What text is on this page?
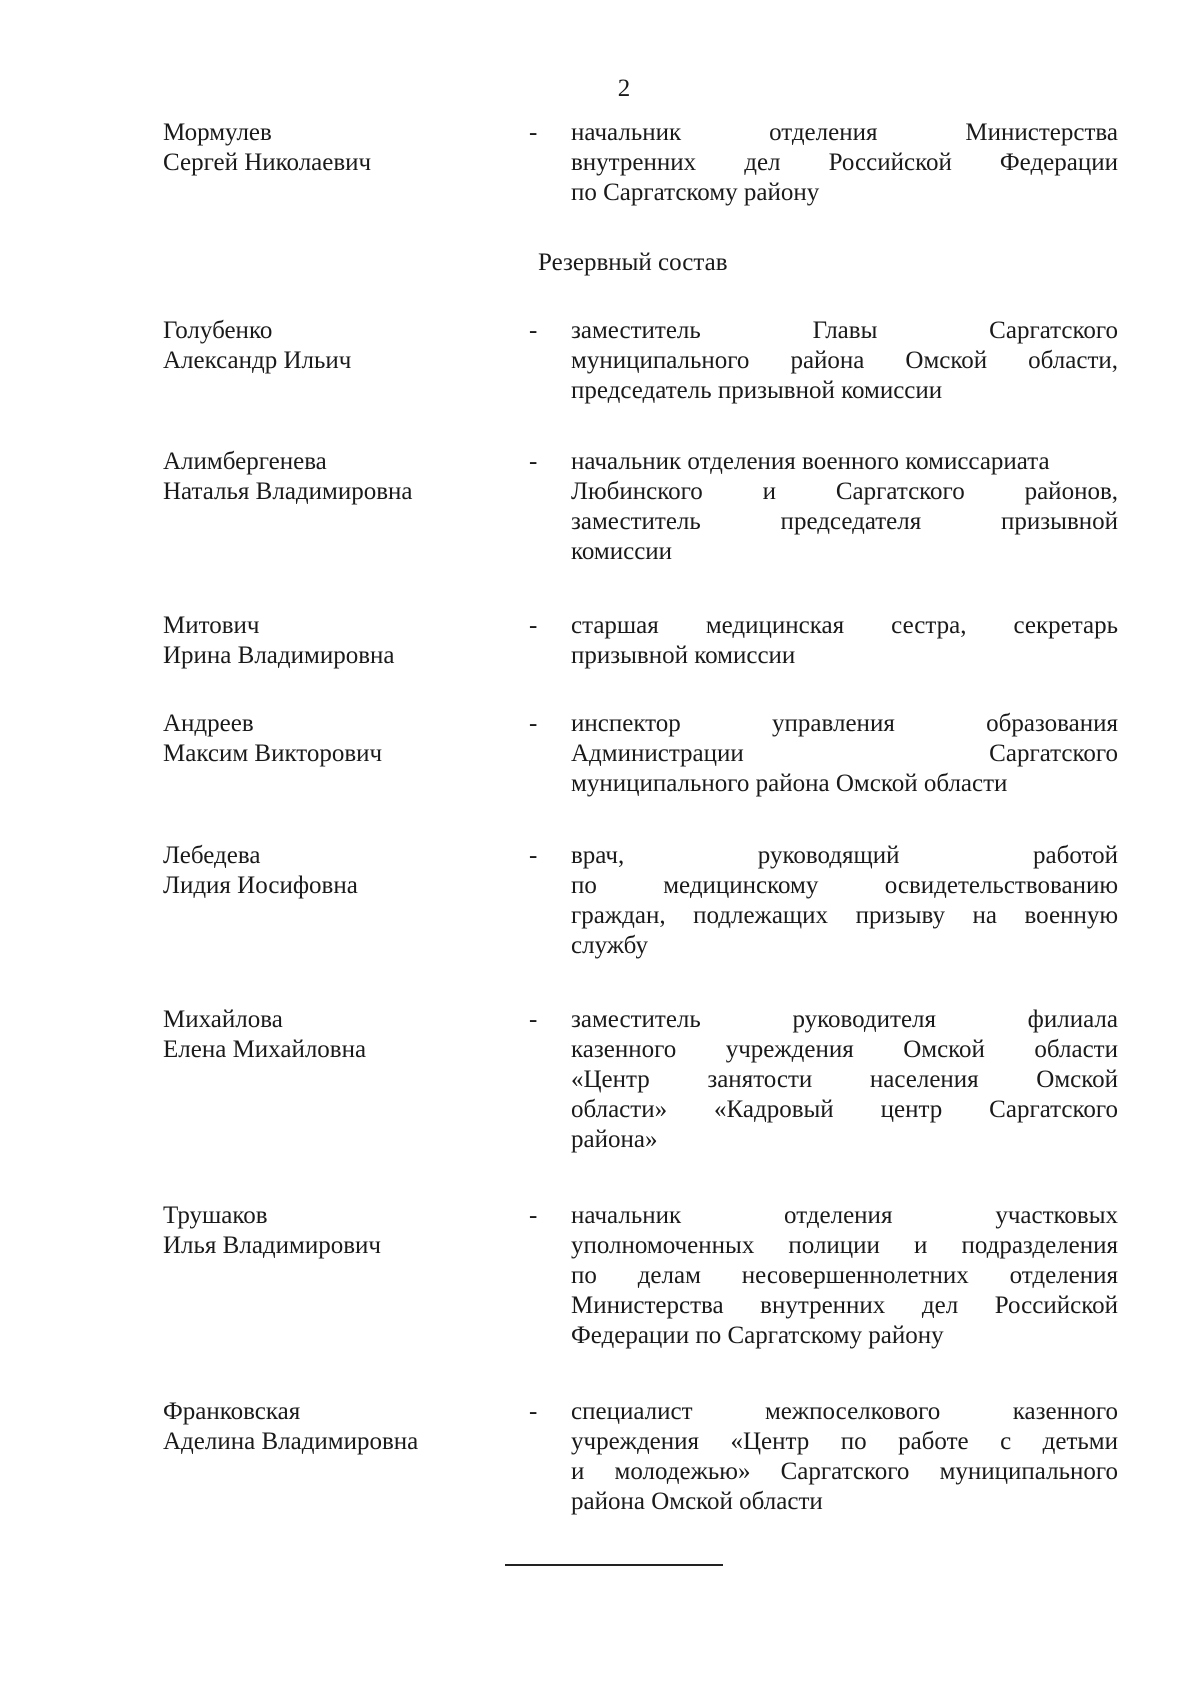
2
Мормулев
Сергей Николаевич
- начальник отделения Министерства
внутренних дел Российской Федерации
по Саргатскому району
Резервный состав
Голубенко
Александр Ильич
- заместитель Главы Саргатского
муниципального района Омской области,
председатель призывной комиссии
Алимбергенева
Наталья Владимировна
- начальник отделения военного комиссариата
Любинского и Саргатского районов,
заместитель председателя призывной
комиссии
Митович
Ирина Владимировна
- старшая медицинская сестра, секретарь
призывной комиссии
Андреев
Максим Викторович
- инспектор управления образования
Администрации Саргатского
муниципального района Омской области
Лебедева
Лидия Иосифовна
- врач, руководящий работой
по медицинскому освидетельствованию
граждан, подлежащих призыву на военную
службу
Михайлова
Елена Михайловна
- заместитель руководителя филиала
казенного учреждения Омской области
«Центр занятости населения Омской
области» «Кадровый центр Саргатского
района»
Трушаков
Илья Владимирович
- начальник отделения участковых
уполномоченных полиции и подразделения
по делам несовершеннолетних отделения
Министерства внутренних дел Российской
Федерации по Саргатскому району
Франковская
Аделина Владимировна
- специалист межпоселкового казенного
учреждения «Центр по работе с детьми
и молодежью» Саргатского муниципального
района Омской области
